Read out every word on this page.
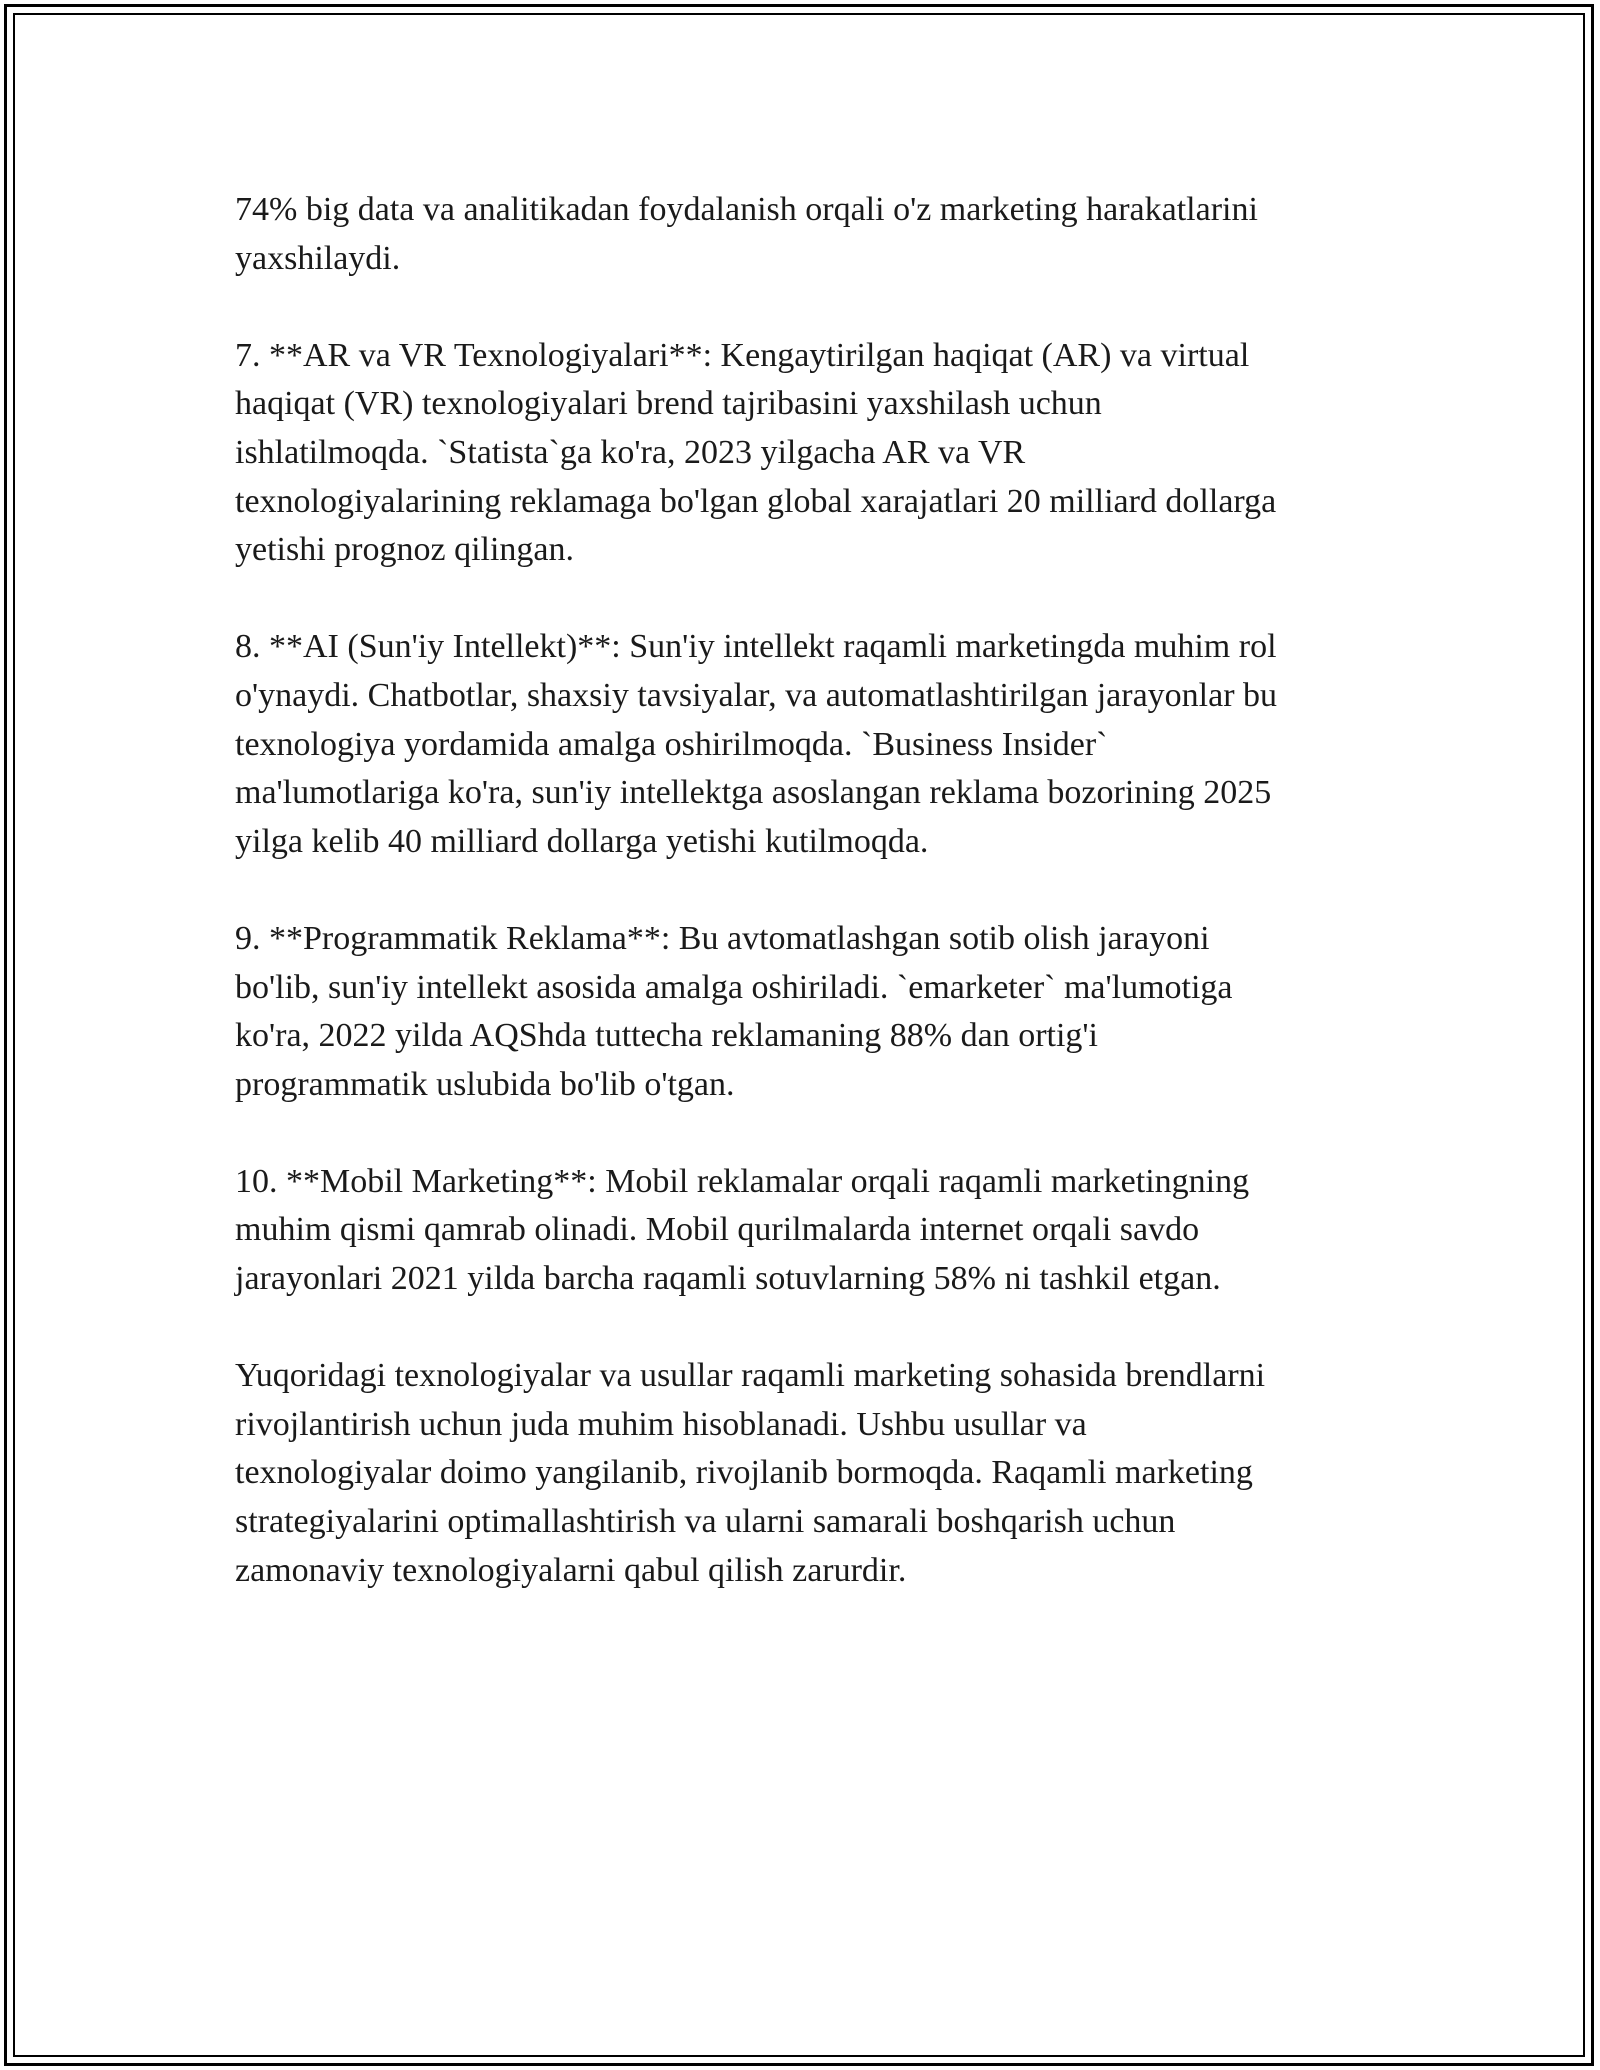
74% big data va analitikadan foydalanish orqali o'z marketing harakatlarini
yaxshilaydi.
7. **AR va VR Texnologiyalari**: Kengaytirilgan haqiqat (AR) va virtual
haqiqat (VR) texnologiyalari brend tajribasini yaxshilash uchun
ishlatilmoqda. `Statista`ga ko'ra, 2023 yilgacha AR va VR
texnologiyalarining reklamaga bo'lgan global xarajatlari 20 milliard dollarga
yetishi prognoz qilingan.
8. **AI (Sun'iy Intellekt)**: Sun'iy intellekt raqamli marketingda muhim rol
o'ynaydi. Chatbotlar, shaxsiy tavsiyalar, va automatlashtirilgan jarayonlar bu
texnologiya yordamida amalga oshirilmoqda. `Business Insider`
ma'lumotlariga ko'ra, sun'iy intellektga asoslangan reklama bozorining 2025
yilga kelib 40 milliard dollarga yetishi kutilmoqda.
9. **Programmatik Reklama**: Bu avtomatlashgan sotib olish jarayoni
bo'lib, sun'iy intellekt asosida amalga oshiriladi. `emarketer` ma'lumotiga
ko'ra, 2022 yilda AQShda tuttecha reklamaning 88% dan ortig'i
programmatik uslubida bo'lib o'tgan.
10. **Mobil Marketing**: Mobil reklamalar orqali raqamli marketingning
muhim qismi qamrab olinadi. Mobil qurilmalarda internet orqali savdo
jarayonlari 2021 yilda barcha raqamli sotuvlarning 58% ni tashkil etgan.
Yuqoridagi texnologiyalar va usullar raqamli marketing sohasida brendlarni
rivojlantirish uchun juda muhim hisoblanadi. Ushbu usullar va
texnologiyalar doimo yangilanib, rivojlanib bormoqda. Raqamli marketing
strategiyalarini optimallashtirish va ularni samarali boshqarish uchun
zamonaviy texnologiyalarni qabul qilish zarurdir.
